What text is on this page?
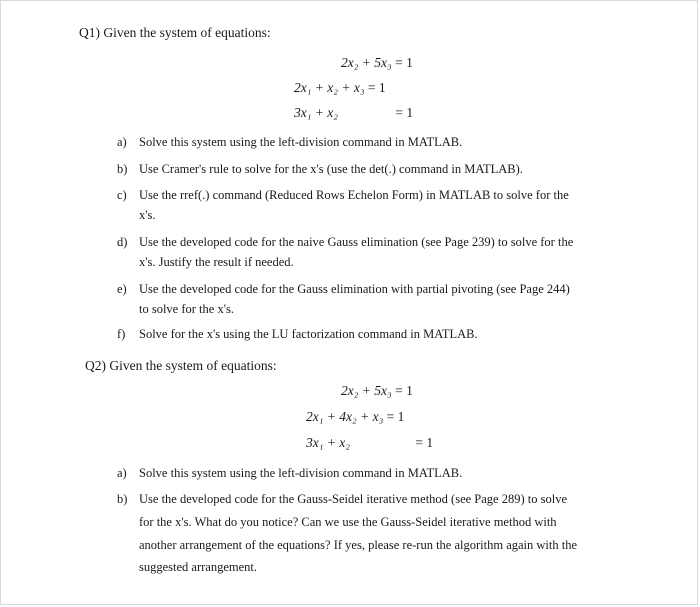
Q1) Given the system of equations:
2x₂ + 5x₃ = 1
2x₁ + x₂ + x₃ = 1
3x₁ + x₂	= 1
a) Solve this system using the left-division command in MATLAB.
b) Use Cramer's rule to solve for the x's (use the det(.) command in MATLAB).
c) Use the rref(.) command (Reduced Rows Echelon Form) in MATLAB to solve for the
x's.
d) Use the developed code for the naive Gauss elimination (see Page 239) to solve for the
x's. Justify the result if needed.
e) Use the developed code for the Gauss elimination with partial pivoting (see Page 244)
to solve for the x's.
f) Solve for the x's using the LU factorization command in MATLAB.
Q2) Given the system of equations:
2x₂ + 5x₃ = 1
2x₁ + 4x₂ + x₃ = 1
3x₁ + x₂	= 1
a) Solve this system using the left-division command in MATLAB.
b) Use the developed code for the Gauss-Seidel iterative method (see Page 289) to solve
for the x's. What do you notice? Can we use the Gauss-Seidel iterative method with
another arrangement of the equations? If yes, please re-run the algorithm again with the
suggested arrangement.
